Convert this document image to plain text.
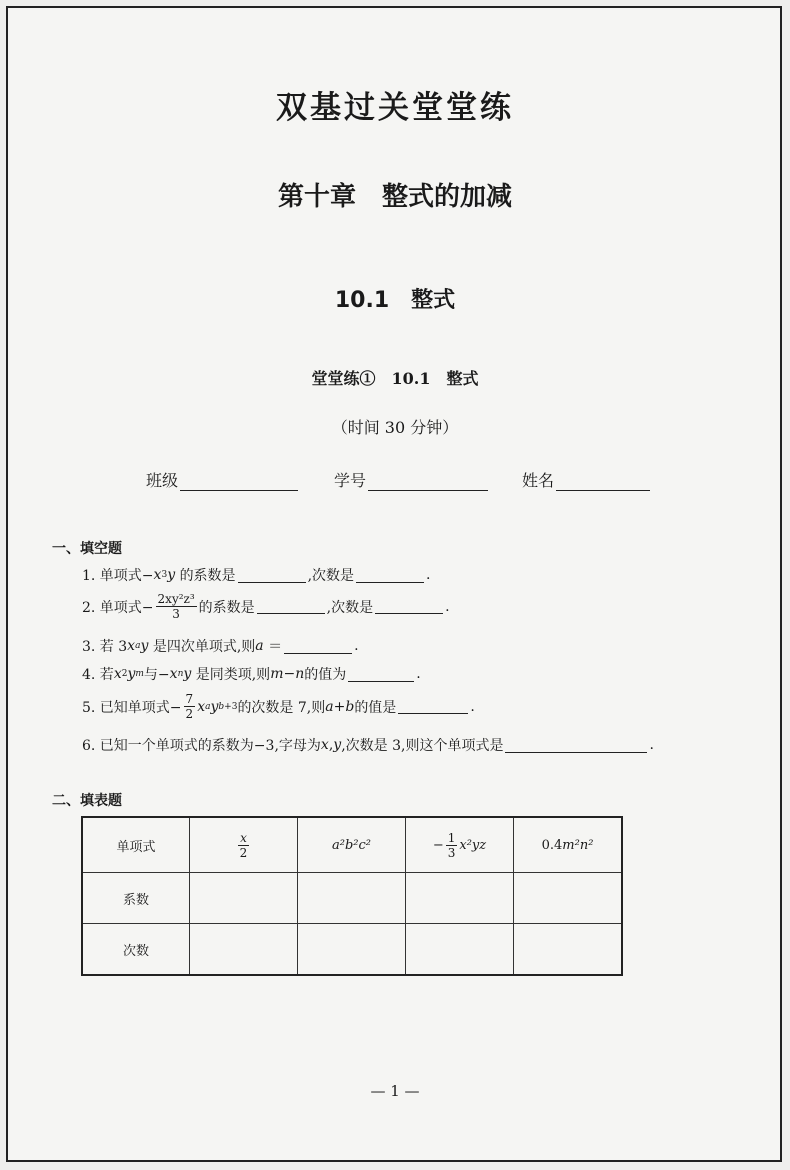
双基过关堂堂练
第十章　整式的加减
10.1　整式
堂堂练①　10.1　整式
（时间 30 分钟）
班级	学号	姓名
一、填空题
1. 单项式− x 3 y
的系数是	,次数是	.
2. 单项式− $\frac{\text{2xy²z³}}{3}$ 的系数是	,次数是	.
3. 若 3 x a y
是四次单项式,则 a
＝	.
4. 若 x 2 y m 与− x n y
是同类项,则 m − n 的值为	.
5. 已知单项式− $\frac{7}{2}$ x a y b+3 的次数是 7,则 a + b 的值是	.
6. 已知一个单项式的系数为−3,字母为 x , y ,次数是 3,则这个单项式是	.
二、填表题
单项式	$\frac{x}{2}$	a²b²c²	− $\frac{1}{3} x^2yz$	0.4m²n²
系数				
次数				
— 1 —
